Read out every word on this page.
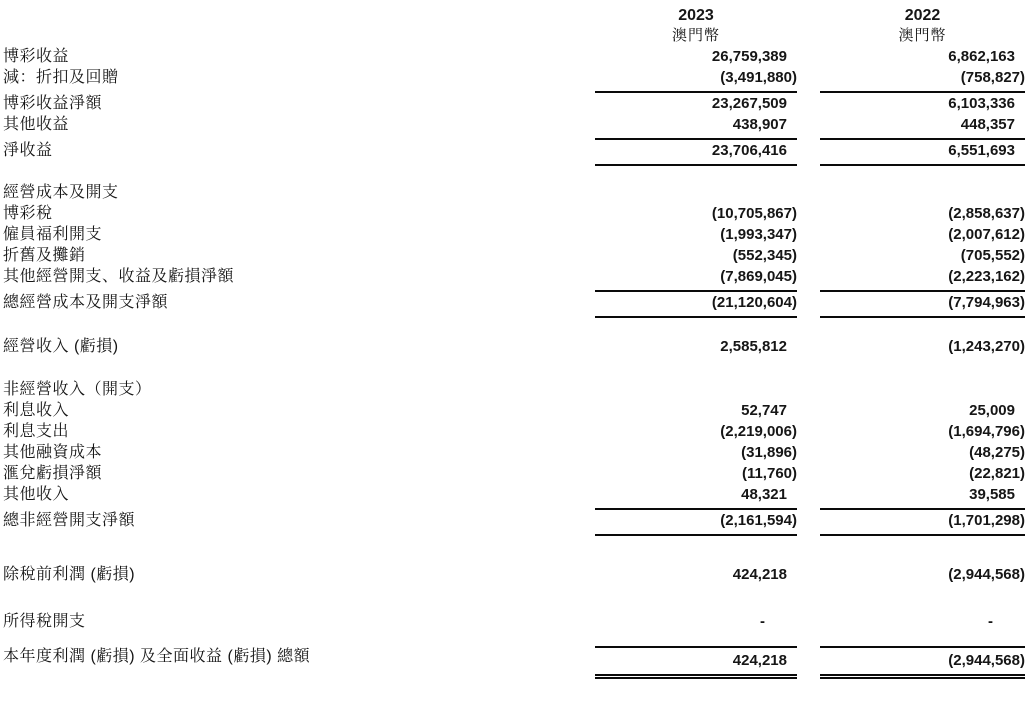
2023	2022
澳門幣	澳門幣
博彩收益	26,759,389	6,862,163
減：折扣及回贈	(3,491,880)	(758,827)
博彩收益淨額	23,267,509	6,103,336
其他收益	438,907	448,357
淨收益	23,706,416	6,551,693
經營成本及開支
博彩稅	(10,705,867)	(2,858,637)
僱員福利開支	(1,993,347)	(2,007,612)
折舊及攤銷	(552,345)	(705,552)
其他經營開支、收益及虧損淨額	(7,869,045)	(2,223,162)
總經營成本及開支淨額	(21,120,604)	(7,794,963)
經營收入 (虧損)	2,585,812	(1,243,270)
非經營收入（開支）
利息收入	52,747	25,009
利息支出	(2,219,006)	(1,694,796)
其他融資成本	(31,896)	(48,275)
滙兌虧損淨額	(11,760)	(22,821)
其他收入	48,321	39,585
總非經營開支淨額	(2,161,594)	(1,701,298)
除稅前利潤 (虧損)	424,218	(2,944,568)
所得稅開支	-	-
本年度利潤 (虧損) 及全面收益 (虧損) 總額	424,218	(2,944,568)
